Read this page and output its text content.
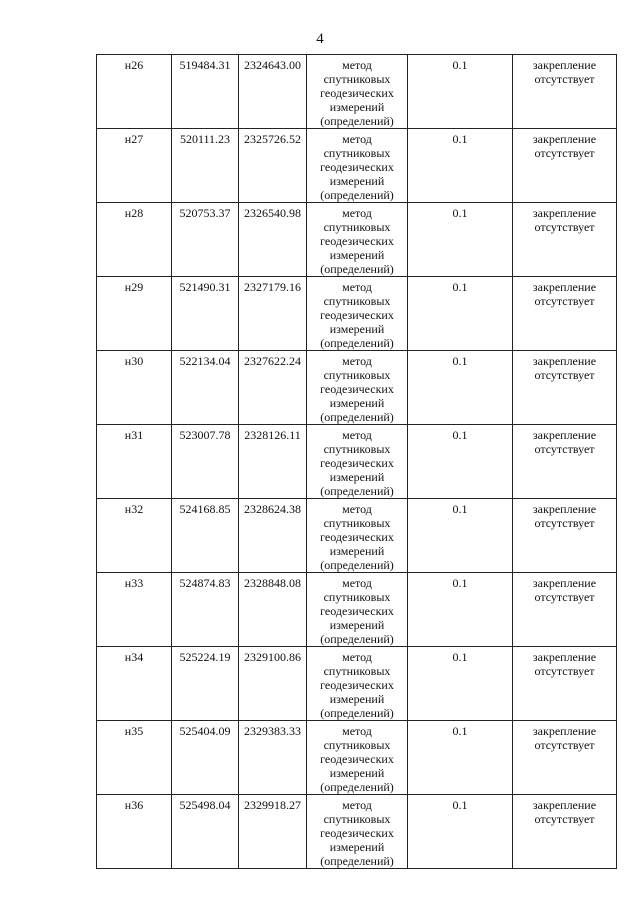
4
н26	519484.31	2324643.00	метод
спутниковых
геодезических
измерений
(определений)	0.1	закрепление
отсутствует

н27	520111.23	2325726.52	метод
спутниковых
геодезических
измерений
(определений)	0.1	закрепление
отсутствует

н28	520753.37	2326540.98	метод
спутниковых
геодезических
измерений
(определений)	0.1	закрепление
отсутствует

н29	521490.31	2327179.16	метод
спутниковых
геодезических
измерений
(определений)	0.1	закрепление
отсутствует

н30	522134.04	2327622.24	метод
спутниковых
геодезических
измерений
(определений)	0.1	закрепление
отсутствует

н31	523007.78	2328126.11	метод
спутниковых
геодезических
измерений
(определений)	0.1	закрепление
отсутствует

н32	524168.85	2328624.38	метод
спутниковых
геодезических
измерений
(определений)	0.1	закрепление
отсутствует

н33	524874.83	2328848.08	метод
спутниковых
геодезических
измерений
(определений)	0.1	закрепление
отсутствует

н34	525224.19	2329100.86	метод
спутниковых
геодезических
измерений
(определений)	0.1	закрепление
отсутствует

н35	525404.09	2329383.33	метод
спутниковых
геодезических
измерений
(определений)	0.1	закрепление
отсутствует

н36	525498.04	2329918.27	метод
спутниковых
геодезических
измерений
(определений)	0.1	закрепление
отсутствует
